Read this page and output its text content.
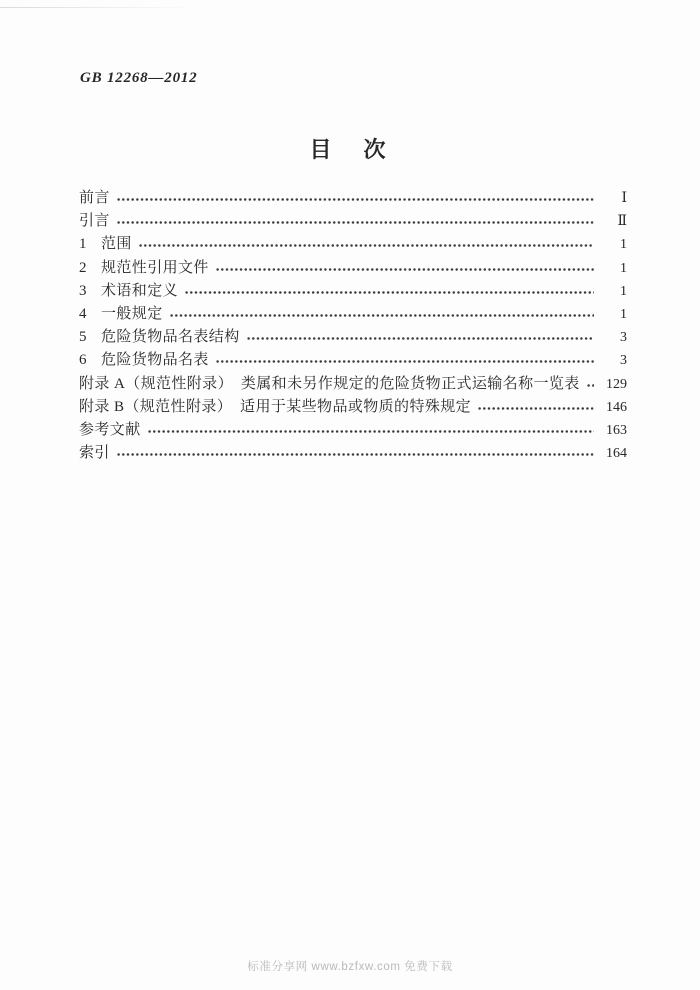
GB 12268—2012
目　次
前言	Ⅰ
引言	Ⅱ
1 范围	1
2 规范性引用文件	1
3 术语和定义	1
4 一般规定	1
5 危险货物品名表结构	3
6 危险货物品名表	3
附录 A（规范性附录）　类属和未另作规定的危险货物正式运输名称一览表	129
附录 B（规范性附录）　适用于某些物品或物质的特殊规定	146
参考文献	163
索引	164
标准分享网 www.bzfxw.com 免费下载
